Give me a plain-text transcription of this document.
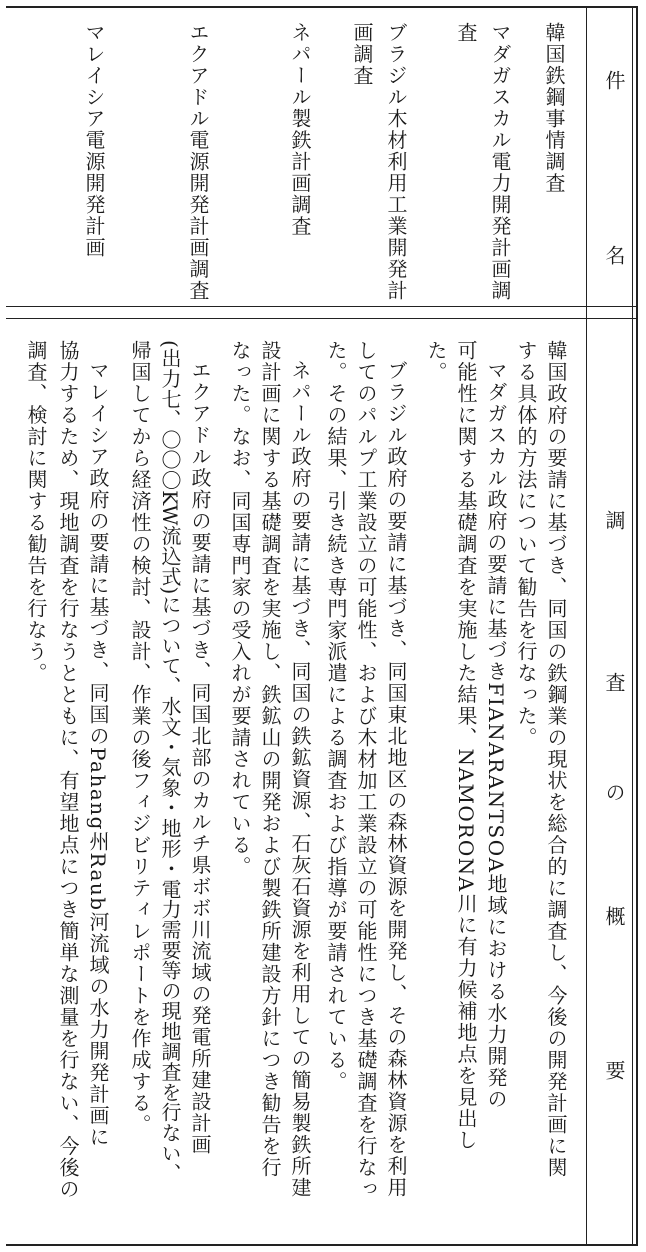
件
名
調
査
の
概
要
韓国鉄鋼事情調査
マダガスカル電力開発計画調
査
ブラジル木材利用工業開発計
画調査
ネパール製鉄計画調査
エクアドル電源開発計画調査
マレイシア電源開発計画
韓国政府の要請に基づき、同国の鉄鋼業の現状を総合的に調査し、今後の開発計画に関
する具体的方法について勧告を行なった。
マダガスカル政府の要請に基づきFIANARANTSOA地域における水力開発の
可能性に関する基礎調査を実施した結果、NAMORONA川に有力候補地点を見出し
た。
ブラジル政府の要請に基づき、同国東北地区の森林資源を開発し、その森林資源を利用
してのパルプ工業設立の可能性、および木材加工業設立の可能性につき基礎調査を行なっ
た。その結果、引き続き専門家派遣による調査および指導が要請されている。
ネパール政府の要請に基づき、同国の鉄鉱資源、石灰石資源を利用しての簡易製鉄所建
設計画に関する基礎調査を実施し、鉄鉱山の開発および製鉄所建設方針につき勧告を行
なった。なお、同国専門家の受入れが要請されている。
エクアドル政府の要請に基づき、同国北部のカルチ県ボボ川流域の発電所建設計画
(出力七、〇〇〇KW流込式)について、水文・気象・地形・電力需要等の現地調査を行ない、
帰国してから経済性の検討、設計、作業の後フィジビリティレポートを作成する。
マレイシア政府の要請に基づき、同国のPahang州Raub河流域の水力開発計画に
協力するため、現地調査を行なうとともに、有望地点につき簡単な測量を行ない、今後の
調査、検討に関する勧告を行なう。
